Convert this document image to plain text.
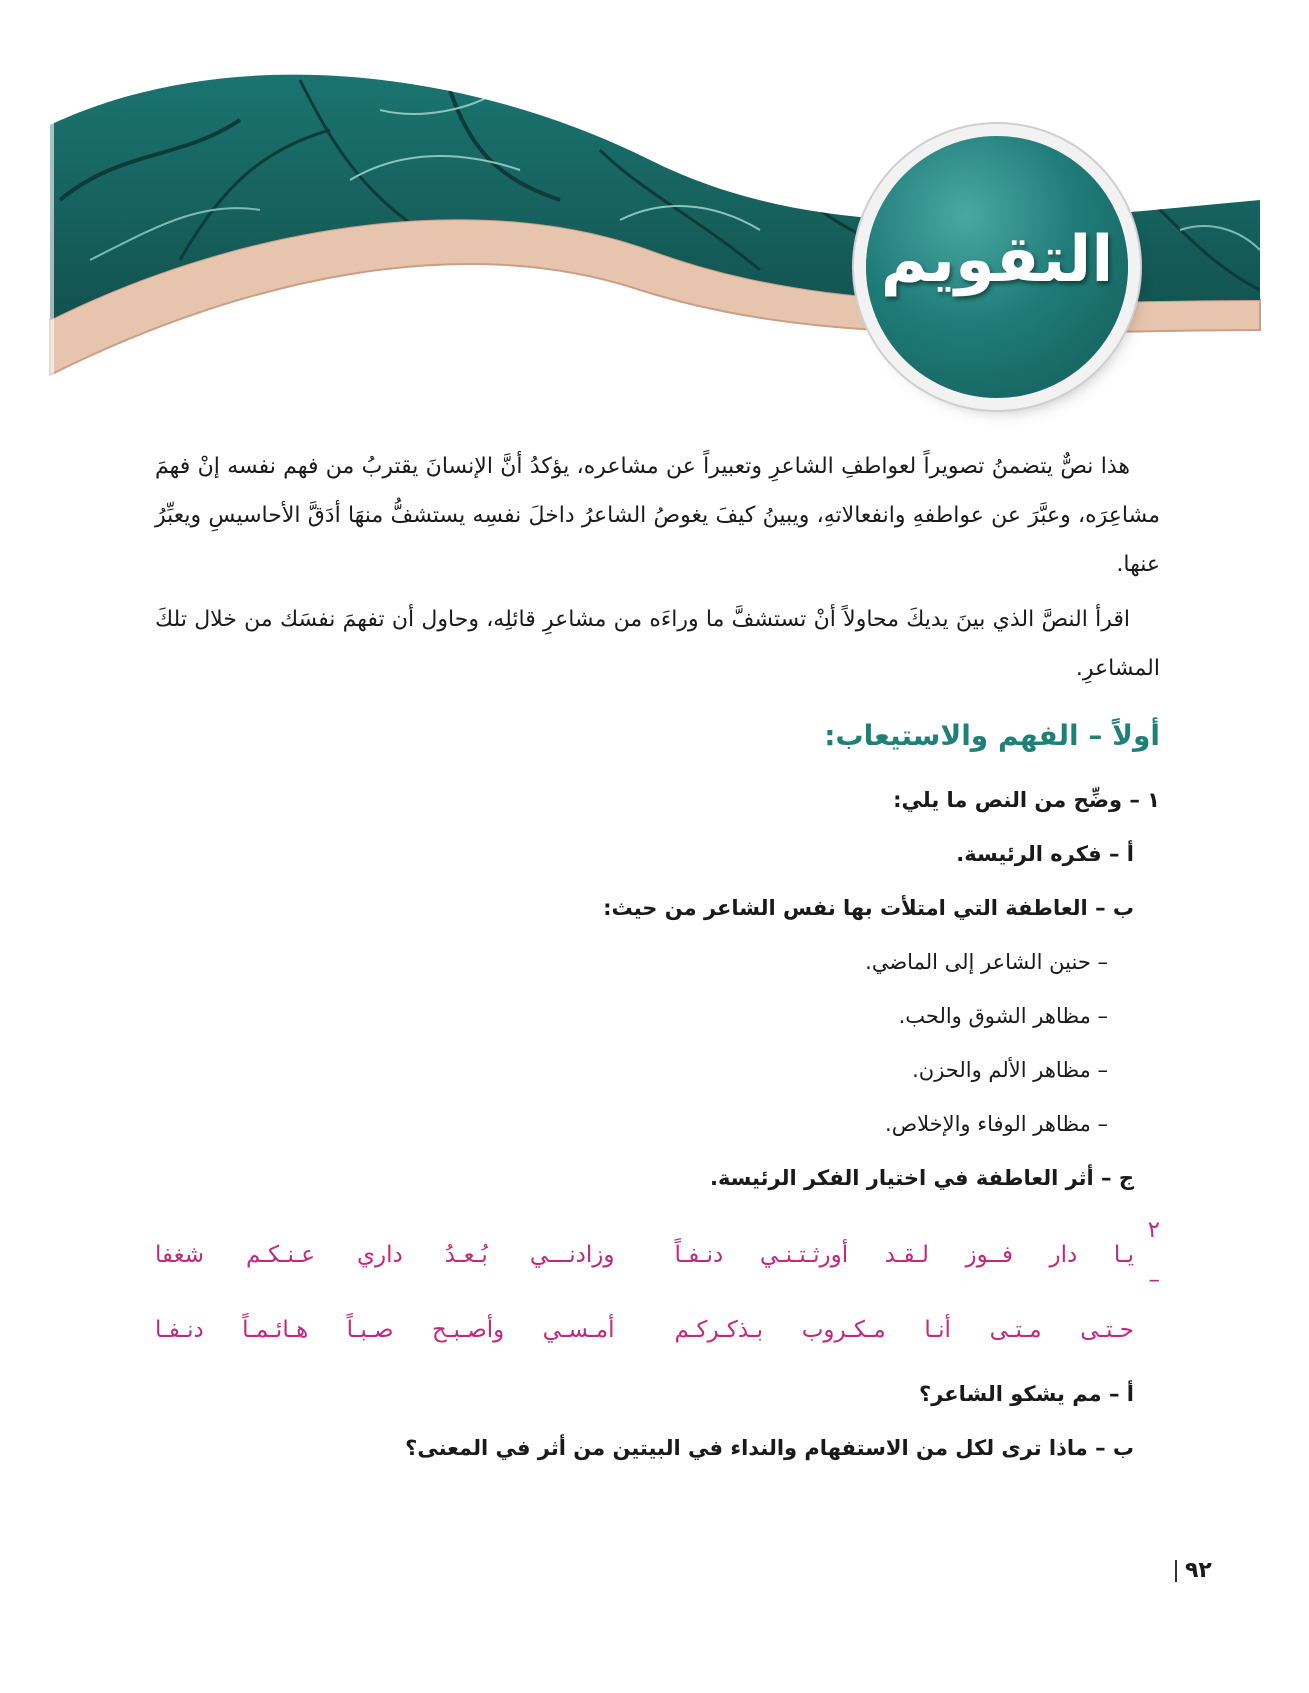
التقويم

هذا نصٌّ يتضمنُ تصويراً لعواطفِ الشاعرِ وتعبيراً عن مشاعره، يؤكدُ أنَّ الإنسانَ يقتربُ من فهم نفسه إنْ فهمَ مشاعِرَه، وعبَّرَ عن عواطفهِ وانفعالاتهِ، ويبينُ كيفَ يغوصُ الشاعرُ داخلَ نفسِه يستشفُّ منهَا أدَقَّ الأحاسيسِ ويعبِّرُ عنها.

اقرأ النصَّ الذي بينَ يديكَ محاولاً أنْ تستشفَّ ما وراءَه من مشاعرِ قائلِه، وحاول أن تفهمَ نفسَك من خلال تلكَ المشاعرِ.

أولاً – الفهم والاستيعاب:

١ – وضِّح من النص ما يلي:

أ – فكره الرئيسة.

ب – العاطفة التي امتلأت بها نفس الشاعر من حيث:

– حنين الشاعر إلى الماضي.

– مظاهر الشوق والحب.

– مظاهر الألم والحزن.

– مظاهر الوفاء والإخلاص.

ج – أثر العاطفة في اختيار الفكر الرئيسة.

٢ –
يـا دار فــوز لـقـد أورثـتـنـي دنـفـاً
وزادنـــي بُـعـدُ داري عـنـكـم شغفا
حـتـى مـتـى أنـا مـكـروب بـذكـركـم
أمـسـي وأصـبـح صـبـاً هـائـمـاً دنـفـا

أ – مم يشكو الشاعر؟

ب – ماذا ترى لكل من الاستفهام والنداء في البيتين من أثر في المعنى؟

٩٢
